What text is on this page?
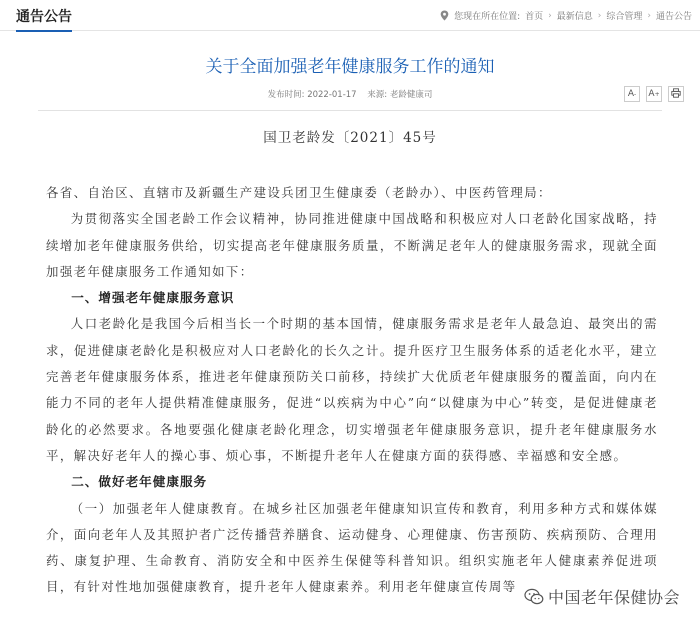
通告公告	您现在所在位置: 首页 › 最新信息 › 综合管理 › 通告公告
关于全面加强老年健康服务工作的通知
发布时间: 2022-01-17 来源: 老龄健康司	A - A +
国卫老龄发〔2021〕45号

各省、自治区、直辖市及新疆生产建设兵团卫生健康委（老龄办）、中医药管理局：

为贯彻落实全国老龄工作会议精神，协同推进健康中国战略和积极应对人口老龄化国家战略，持续增加老年健康服务供给，切实提高老年健康服务质量，不断满足老年人的健康服务需求，现就全面加强老年健康服务工作通知如下：

一、增强老年健康服务意识

人口老龄化是我国今后相当长一个时期的基本国情，健康服务需求是老年人最急迫、最突出的需求，促进健康老龄化是积极应对人口老龄化的长久之计。提升医疗卫生服务体系的适老化水平，建立完善老年健康服务体系，推进老年健康预防关口前移，持续扩大优质老年健康服务的覆盖面，向内在能力不同的老年人提供精准健康服务，促进“以疾病为中心”向“以健康为中心”转变，是促进健康老龄化的必然要求。各地要强化健康老龄化理念，切实增强老年健康服务意识，提升老年健康服务水平，解决好老年人的操心事、烦心事，不断提升老年人在健康方面的获得感、幸福感和安全感。

二、做好老年健康服务

（一）加强老年人健康教育。在城乡社区加强老年健康知识宣传和教育，利用多种方式和媒体媒介，面向老年人及其照护者广泛传播营养膳食、运动健身、心理健康、伤害预防、疾病预防、合理用药、康复护理、生命教育、消防安全和中医养生保健等科普知识。组织实施老年人健康素养促进项目，有针对性地加强健康教育，提升老年人健康素养。利用老年健康宣传周等

中国老年保健协会
